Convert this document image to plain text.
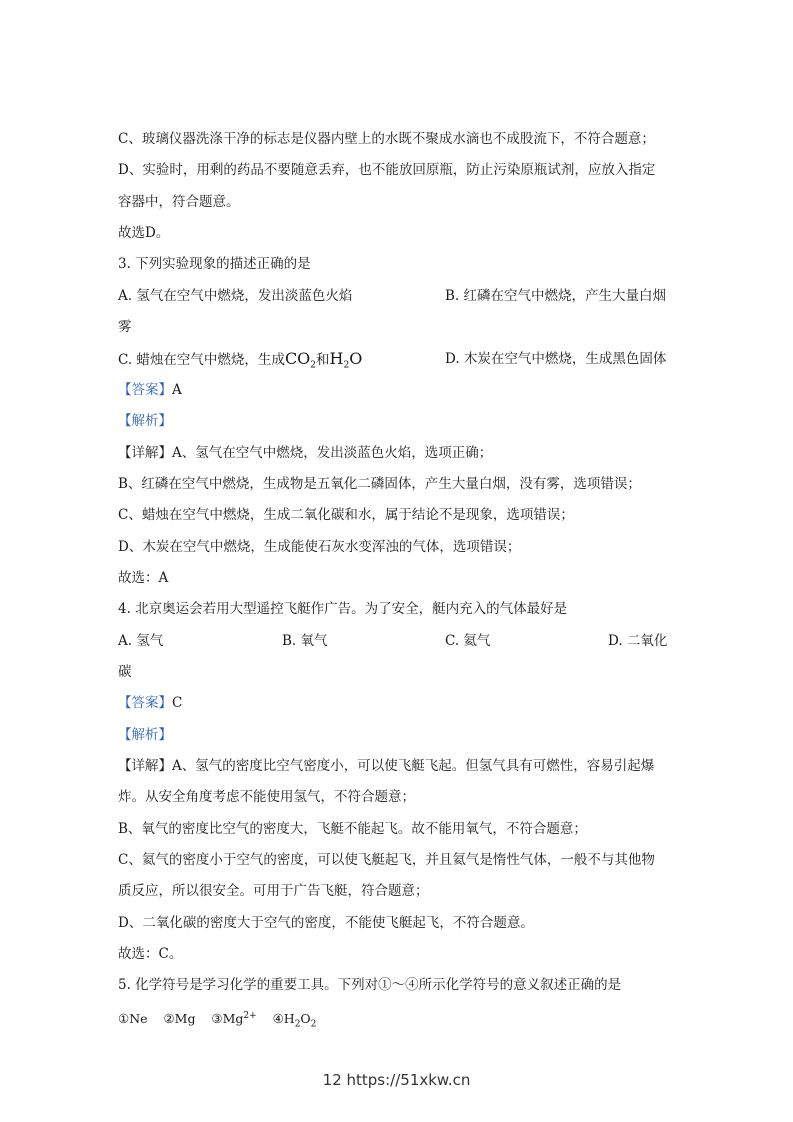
C、玻璃仪器洗涤干净的标志是仪器内壁上的水既不聚成水滴也不成股流下，不符合题意；
D、实验时，用剩的药品不要随意丢弃，也不能放回原瓶，防止污染原瓶试剂，应放入指定
容器中，符合题意。
故选D。
3. 下列实验现象的描述正确的是
A. 氢气在空气中燃烧，发出淡蓝色火焰	B. 红磷在空气中燃烧，产生大量白烟
雾
C. 蜡烛在空气中燃烧，生成$CO_2$和$H_2O$	D. 木炭在空气中燃烧，生成黑色固体
【答案】A
【解析】
【详解】A、氢气在空气中燃烧，发出淡蓝色火焰，选项正确；
B、红磷在空气中燃烧，生成物是五氧化二磷固体，产生大量白烟，没有雾，选项错误；
C、蜡烛在空气中燃烧，生成二氧化碳和水，属于结论不是现象，选项错误；
D、木炭在空气中燃烧，生成能使石灰水变浑浊的气体，选项错误；
故选：A
4. 北京奥运会若用大型遥控飞艇作广告。为了安全，艇内充入的气体最好是
A. 氢气	B. 氧气	C. 氦气	D. 二氧化
碳
【答案】C
【解析】
【详解】A、氢气的密度比空气密度小，可以使飞艇飞起。但氢气具有可燃性，容易引起爆
炸。从安全角度考虑不能使用氢气，不符合题意；
B、氧气的密度比空气的密度大，飞艇不能起飞。故不能用氧气，不符合题意；
C、氦气的密度小于空气的密度，可以使飞艇起飞，并且氦气是惰性气体，一般不与其他物
质反应，所以很安全。可用于广告飞艇，符合题意；
D、二氧化碳的密度大于空气的密度，不能使飞艇起飞，不符合题意。
故选：C。
5. 化学符号是学习化学的重要工具。下列对①～④所示化学符号的意义叙述正确的是
①Ne ②Mg $③Mg^{2+}$ $④H_2O_2$
12 https://51xkw.cn
